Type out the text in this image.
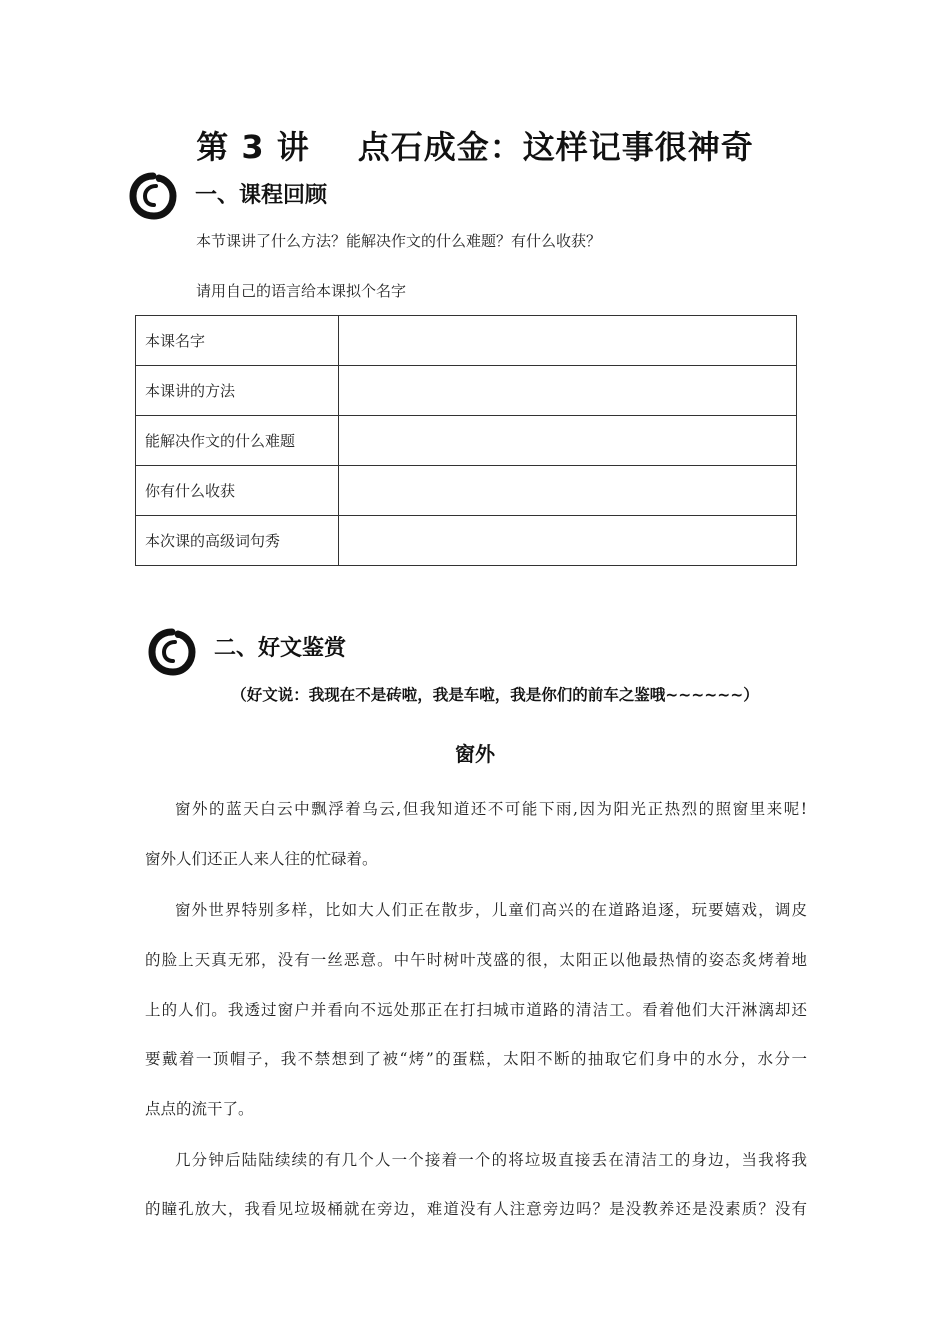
第 3 讲 点石成金：这样记事很神奇
一、课程回顾
本节课讲了什么方法？能解决作文的什么难题？有什么收获？
请用自己的语言给本课拟个名字
本课名字	
本课讲的方法	
能解决作文的什么难题	
你有什么收获	
本次课的高级词句秀	
二、好文鉴赏
（好文说：我现在不是砖啦，我是车啦，我是你们的前车之鉴哦~~~~~~）
窗外
窗外的蓝天白云中飘浮着乌云,但我知道还不可能下雨,因为阳光正热烈的照窗里来呢!
窗外人们还正人来人往的忙碌着。
窗外世界特别多样，比如大人们正在散步，儿童们高兴的在道路追逐，玩要嬉戏，调皮
的脸上天真无邪，没有一丝恶意。中午时树叶茂盛的很，太阳正以他最热情的姿态炙烤着地
上的人们。我透过窗户并看向不远处那正在打扫城市道路的清洁工。看着他们大汗淋漓却还
要戴着一顶帽子，我不禁想到了被“烤”的蛋糕，太阳不断的抽取它们身中的水分，水分一
点点的流干了。
几分钟后陆陆续续的有几个人一个接着一个的将垃圾直接丢在清洁工的身边，当我将我
的瞳孔放大，我看见垃圾桶就在旁边，难道没有人注意旁边吗？是没教养还是没素质？没有
